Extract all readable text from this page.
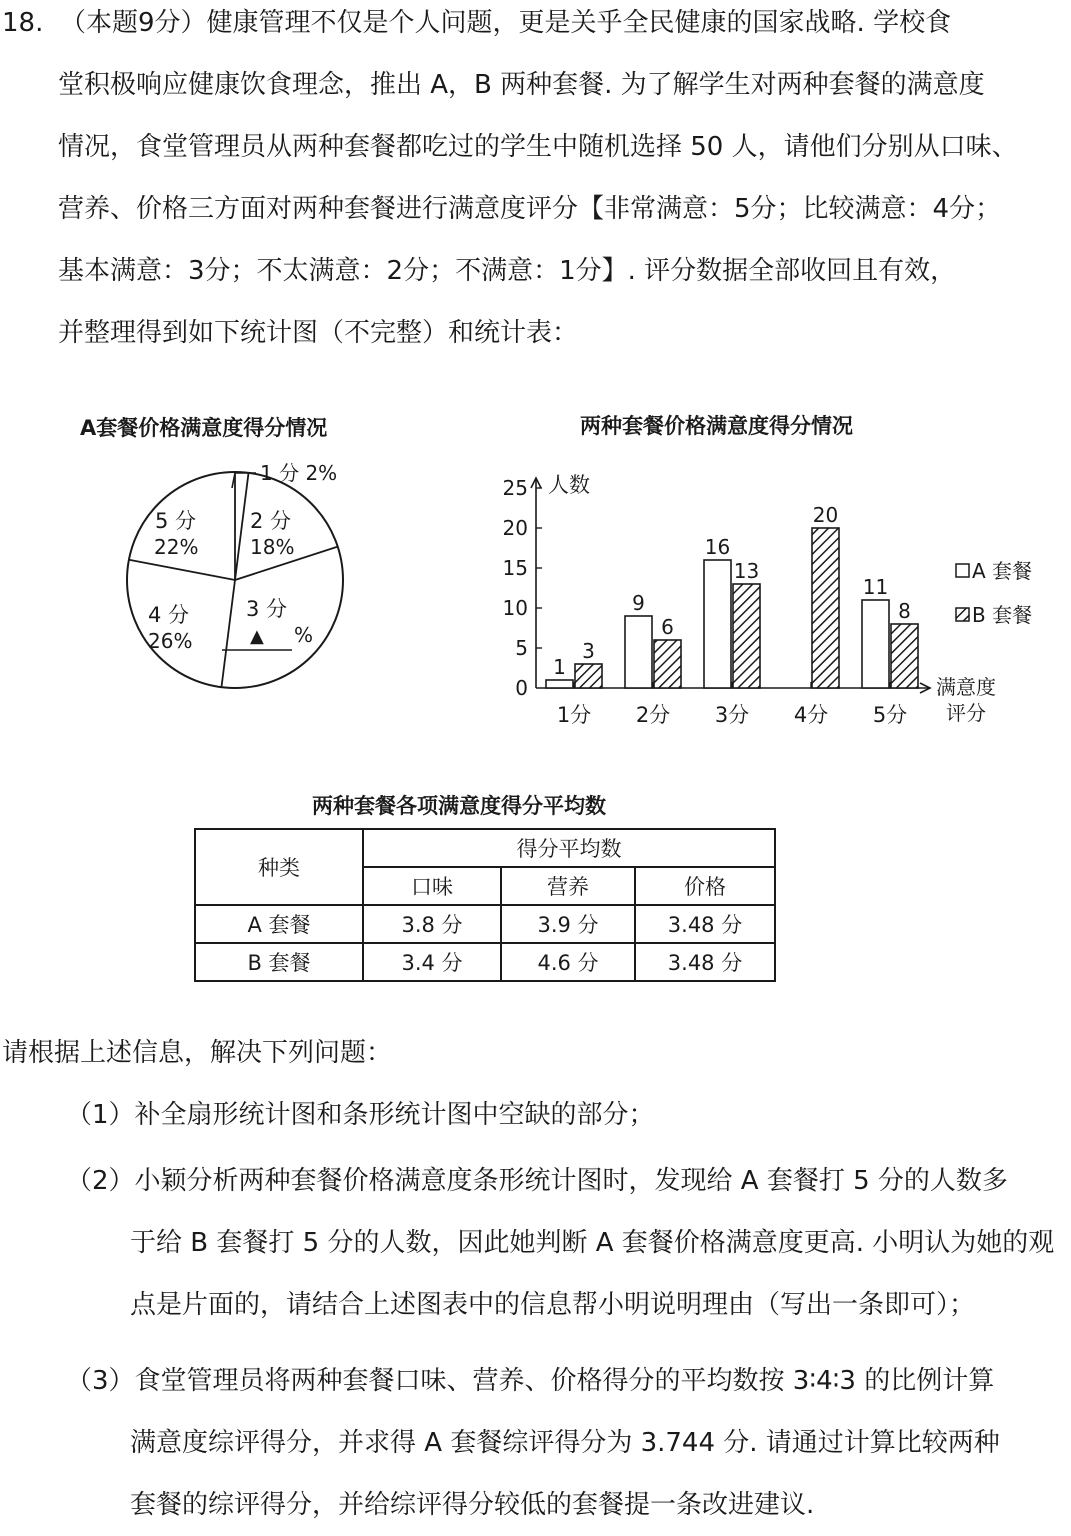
18. （本题9分）健康管理不仅是个人问题，更是关乎全民健康的国家战略. 学校食
堂积极响应健康饮食理念，推出 A，B 两种套餐. 为了解学生对两种套餐的满意度
情况，食堂管理员从两种套餐都吃过的学生中随机选择 50 人，请他们分别从口味、
营养、价格三方面对两种套餐进行满意度评分【非常满意：5分；比较满意：4分；
基本满意：3分；不太满意：2分；不满意：1分】. 评分数据全部收回且有效，
并整理得到如下统计图（不完整）和统计表：
A套餐价格满意度得分情况
1 分 2%
5 分
22%
2 分
18%
4 分
26%
3 分
▲ %
两种套餐价格满意度得分情况
0
5
10
15
20
25
1分 2分 3分 4分 5分
1
3
9
6
16
13
20
11
8
人数
满意度
评分
A 套餐
B 套餐
两种套餐各项满意度得分平均数
种类	得分平均数		
	口味	营养	价格
A 套餐	3.8 分	3.9 分	3.48 分
B 套餐	3.4 分	4.6 分	3.48 分
请根据上述信息，解决下列问题：
（1）补全扇形统计图和条形统计图中空缺的部分；
（2）小颖分析两种套餐价格满意度条形统计图时，发现给 A 套餐打 5 分的人数多
于给 B 套餐打 5 分的人数，因此她判断 A 套餐价格满意度更高. 小明认为她的观
点是片面的，请结合上述图表中的信息帮小明说明理由（写出一条即可）；
（3）食堂管理员将两种套餐口味、营养、价格得分的平均数按 3∶4∶3 的比例计算
满意度综评得分，并求得 A 套餐综评得分为 3.744 分. 请通过计算比较两种
套餐的综评得分，并给综评得分较低的套餐提一条改进建议.
